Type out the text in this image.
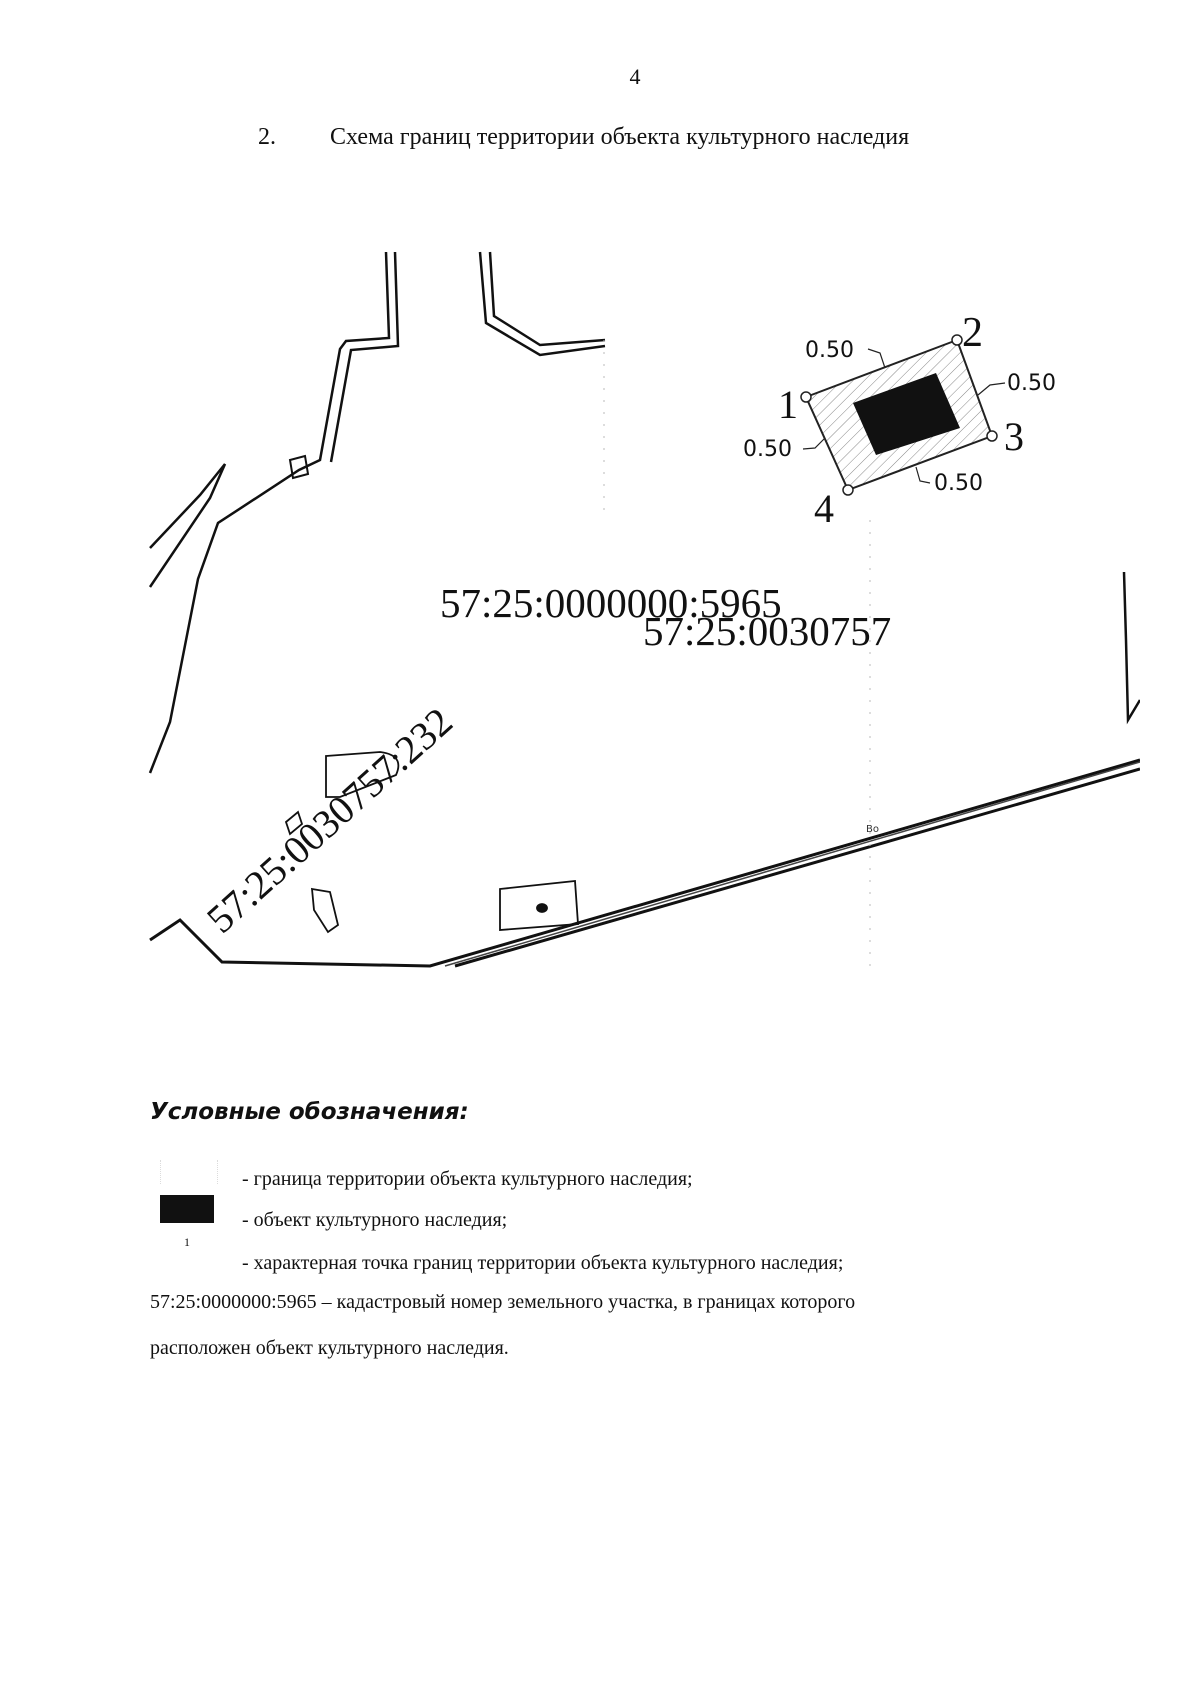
4
2. Схема границ территории объекта культурного наследия
1
2
3
4
57:25:0000000:5965
57:25:0030757
57:25:0030757:232
0.50
0.50
0.50
0.50
Во
Условные обозначения:
- граница территории объекта культурного наследия;
- объект культурного наследия;
1
- характерная точка границ территории объекта культурного наследия;
57:25:0000000:5965 – кадастровый номер земельного участка, в границах которого
расположен объект культурного наследия.
